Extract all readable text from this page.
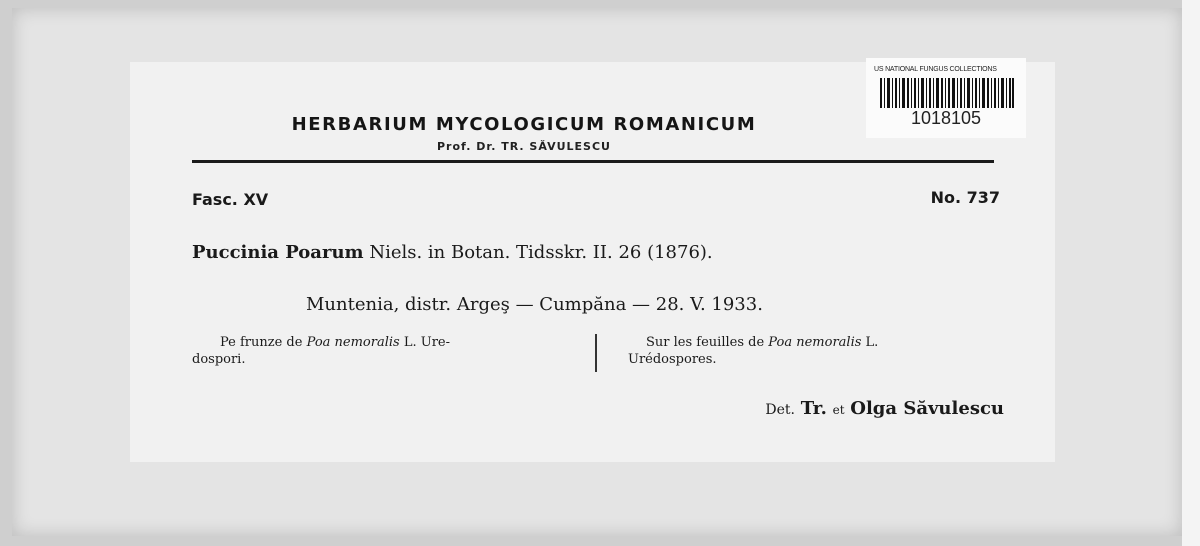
US NATIONAL FUNGUS COLLECTIONS
1018105
HERBARIUM MYCOLOGICUM ROMANICUM
Prof. Dr. TR. SĂVULESCU
Fasc. XV	No. 737
Puccinia Poarum Niels. in Botan. Tidsskr. II. 26 (1876).
Muntenia, distr. Argeş — Cumpăna — 28. V. 1933.
Pe frunze de Poa nemoralis L. Ure-
dospori.
Sur les feuilles de Poa nemoralis L.
Urédospores.
Det. Tr. et Olga Săvulescu
